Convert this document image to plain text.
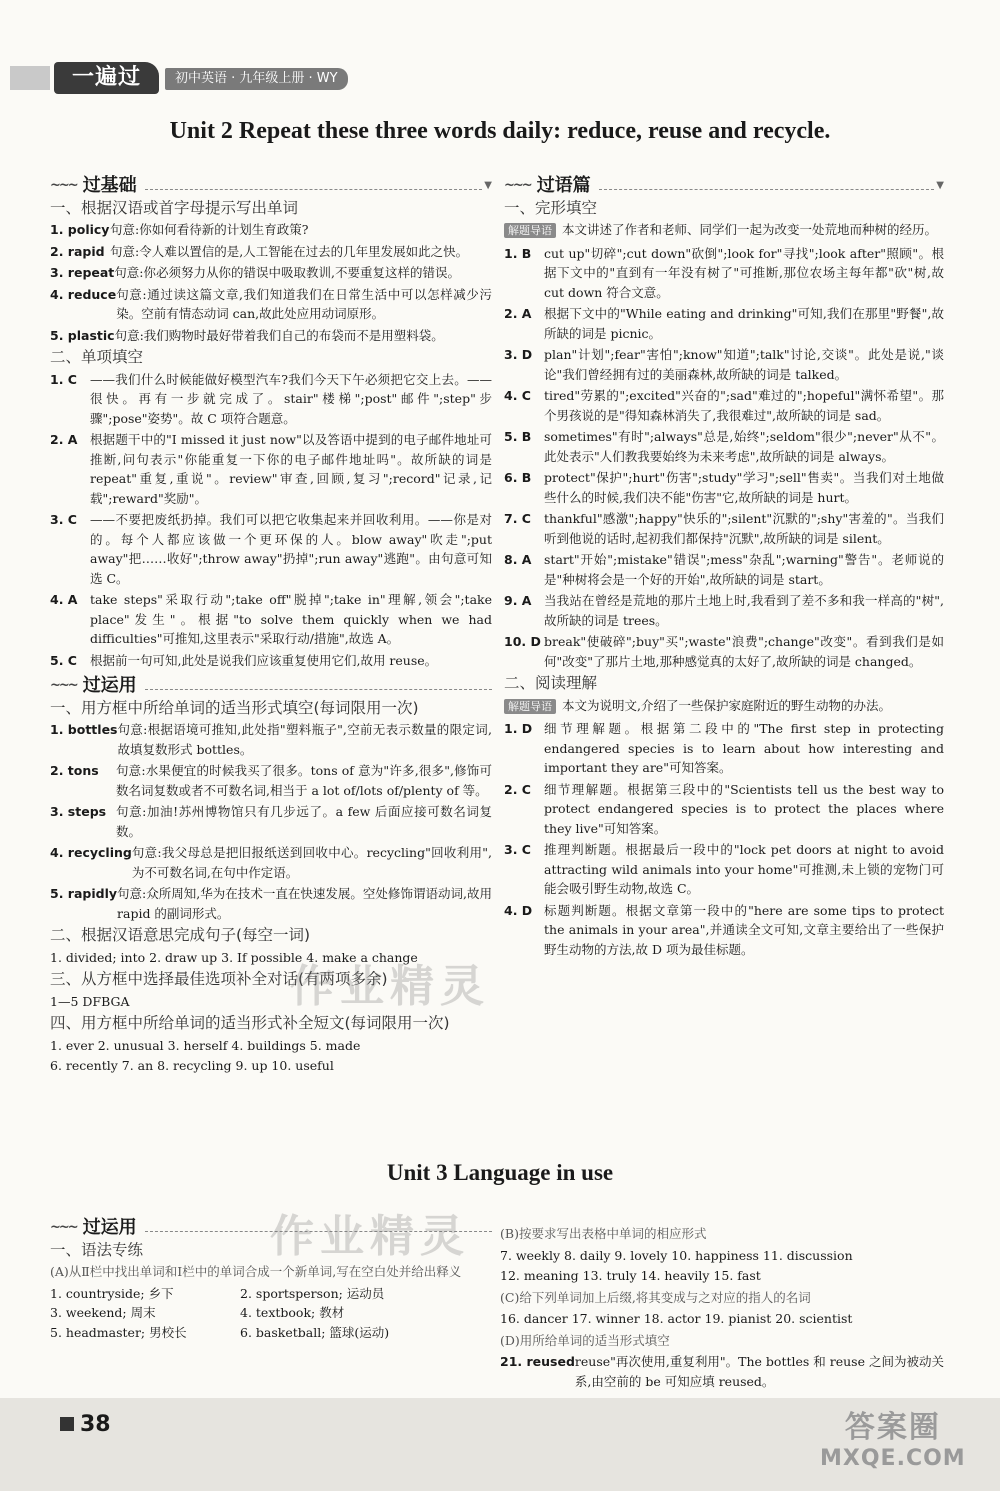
一遍过	初中英语 · 九年级上册 · WY
Unit 2 Repeat these three words daily: reduce, reuse and recycle.
~~~ 过基础	▼
一、根据汉语或首字母提示写出单词
1. policy 句意:你如何看待新的计划生育政策?
2. rapid 句意:令人难以置信的是,人工智能在过去的几年里发展如此之快。
3. repeat 句意:你必须努力从你的错误中吸取教训,不要重复这样的错误。
4. reduce 句意:通过读这篇文章,我们知道我们在日常生活中可以怎样减少污染。空前有情态动词 can,故此处应用动词原形。
5. plastic 句意:我们购物时最好带着我们自己的布袋而不是用塑料袋。
二、单项填空
1. C	——我们什么时候能做好模型汽车?我们今天下午必须把它交上去。——很快。再有一步就完成了。stair"楼梯";post"邮件";step"步骤";pose"姿势"。故 C 项符合题意。
2. A	根据题干中的"I missed it just now"以及答语中提到的电子邮件地址可推断,问句表示"你能重复一下你的电子邮件地址吗"。故所缺的词是 repeat"重复,重说"。review"审查,回顾,复习";record"记录,记载";reward"奖励"。
3. C	——不要把废纸扔掉。我们可以把它收集起来并回收利用。——你是对的。每个人都应该做一个更环保的人。blow away"吹走";put away"把……收好";throw away"扔掉";run away"逃跑"。由句意可知选 C。
4. A	take steps"采取行动";take off"脱掉";take in"理解,领会";take place"发生"。根据"to solve them quickly when we had difficulties"可推知,这里表示"采取行动/措施",故选 A。
5. C	根据前一句可知,此处是说我们应该重复使用它们,故用 reuse。
~~~ 过运用
一、用方框中所给单词的适当形式填空(每词限用一次)
1. bottles 句意:根据语境可推知,此处指"塑料瓶子",空前无表示数量的限定词,故填复数形式 bottles。
2. tons	句意:水果便宜的时候我买了很多。tons of 意为"许多,很多",修饰可数名词复数或者不可数名词,相当于 a lot of/lots of/plenty of 等。
3. steps 句意:加油!苏州博物馆只有几步远了。a few 后面应接可数名词复数。
4. recycling 句意:我父母总是把旧报纸送到回收中心。recycling"回收利用",为不可数名词,在句中作定语。
5. rapidly 句意:众所周知,华为在技术一直在快速发展。空处修饰谓语动词,故用 rapid 的副词形式。
二、根据汉语意思完成句子(每空一词)
1. divided; into 2. draw up 3. If possible 4. make a change
三、从方框中选择最佳选项补全对话(有两项多余)
1—5 DFBGA
四、用方框中所给单词的适当形式补全短文(每词限用一次)
1. ever 2. unusual 3. herself 4. buildings 5. made
6. recently 7. an 8. recycling 9. up 10. useful
~~~ 过语篇	▼
一、完形填空
解题导语 本文讲述了作者和老师、同学们一起为改变一处荒地而种树的经历。
1. B	cut up"切碎";cut down"砍倒";look for"寻找";look after"照顾"。根据下文中的"直到有一年没有树了"可推断,那位农场主每年都"砍"树,故 cut down 符合文意。
2. A	根据下文中的"While eating and drinking"可知,我们在那里"野餐",故所缺的词是 picnic。
3. D plan"计划";fear"害怕";know"知道";talk"讨论,交谈"。此处是说,"谈论"我们曾经拥有过的美丽森林,故所缺的词是 talked。
4. C	tired"劳累的";excited"兴奋的";sad"难过的";hopeful"满怀希望"。那个男孩说的是"得知森林消失了,我很难过",故所缺的词是 sad。
5. B	sometimes"有时";always"总是,始终";seldom"很少";never"从不"。此处表示"人们教我要始终为未来考虑",故所缺的词是 always。
6. B	protect"保护";hurt"伤害";study"学习";sell"售卖"。当我们对土地做些什么的时候,我们决不能"伤害"它,故所缺的词是 hurt。
7. C	thankful"感激";happy"快乐的";silent"沉默的";shy"害羞的"。当我们听到他说的话时,起初我们都保持"沉默",故所缺的词是 silent。
8. A	start"开始";mistake"错误";mess"杂乱";warning"警告"。老师说的是"种树将会是一个好的开始",故所缺的词是 start。
9. A	当我站在曾经是荒地的那片土地上时,我看到了差不多和我一样高的"树",故所缺的词是 trees。
10. D break"使破碎";buy"买";waste"浪费";change"改变"。看到我们是如何"改变"了那片土地,那种感觉真的太好了,故所缺的词是 changed。
二、阅读理解
解题导语 本文为说明文,介绍了一些保护家庭附近的野生动物的办法。
1. D 细节理解题。根据第二段中的"The first step in protecting endangered species is to learn about how interesting and important they are"可知答案。
2. C	细节理解题。根据第三段中的"Scientists tell us the best way to protect endangered species is to protect the places where they live"可知答案。
3. C	推理判断题。根据最后一段中的"lock pet doors at night to avoid attracting wild animals into your home"可推测,未上锁的宠物门可能会吸引野生动物,故选 C。
4. D 标题判断题。根据文章第一段中的"here are some tips to protect the animals in your area",并通读全文可知,文章主要给出了一些保护野生动物的方法,故 D 项为最佳标题。
Unit 3 Language in use
~~~ 过运用
一、语法专练
(A)从Ⅱ栏中找出单词和Ⅰ栏中的单词合成一个新单词,写在空白处并给出释义
1. countryside; 乡下	2. sportsperson; 运动员
3. weekend; 周末	4. textbook; 教材
5. headmaster; 男校长	6. basketball; 篮球(运动)
(B)按要求写出表格中单词的相应形式
7. weekly 8. daily 9. lovely 10. happiness 11. discussion
12. meaning 13. truly 14. heavily 15. fast
(C)给下列单词加上后缀,将其变成与之对应的指人的名词
16. dancer 17. winner 18. actor 19. pianist 20. scientist
(D)用所给单词的适当形式填空
21. reused reuse"再次使用,重复利用"。The bottles 和 reuse 之间为被动关系,由空前的 be 可知应填 reused。
作业精灵
作业精灵
38	答案圈
MXQE.COM
